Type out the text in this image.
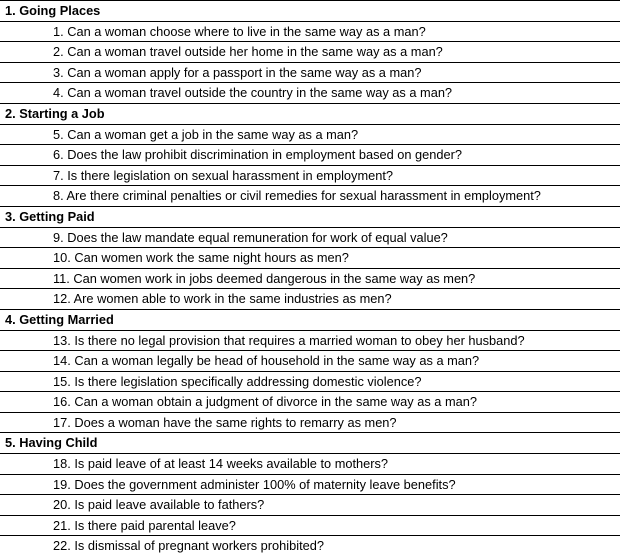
1. Going Places
1. Can a woman choose where to live in the same way as a man?
2. Can a woman travel outside her home in the same way as a man?
3. Can a woman apply for a passport in the same way as a man?
4. Can a woman travel outside the country in the same way as a man?
2. Starting a Job
5. Can a woman get a job in the same way as a man?
6. Does the law prohibit discrimination in employment based on gender?
7. Is there legislation on sexual harassment in employment?
8. Are there criminal penalties or civil remedies for sexual harassment in employment?
3. Getting Paid
9. Does the law mandate equal remuneration for work of equal value?
10. Can women work the same night hours as men?
11. Can women work in jobs deemed dangerous in the same way as men?
12. Are women able to work in the same industries as men?
4. Getting Married
13. Is there no legal provision that requires a married woman to obey her husband?
14. Can a woman legally be head of household in the same way as a man?
15. Is there legislation specifically addressing domestic violence?
16. Can a woman obtain a judgment of divorce in the same way as a man?
17. Does a woman have the same rights to remarry as men?
5. Having Child
18. Is paid leave of at least 14 weeks available to mothers?
19. Does the government administer 100% of maternity leave benefits?
20. Is paid leave available to fathers?
21. Is there paid parental leave?
22. Is dismissal of pregnant workers prohibited?
